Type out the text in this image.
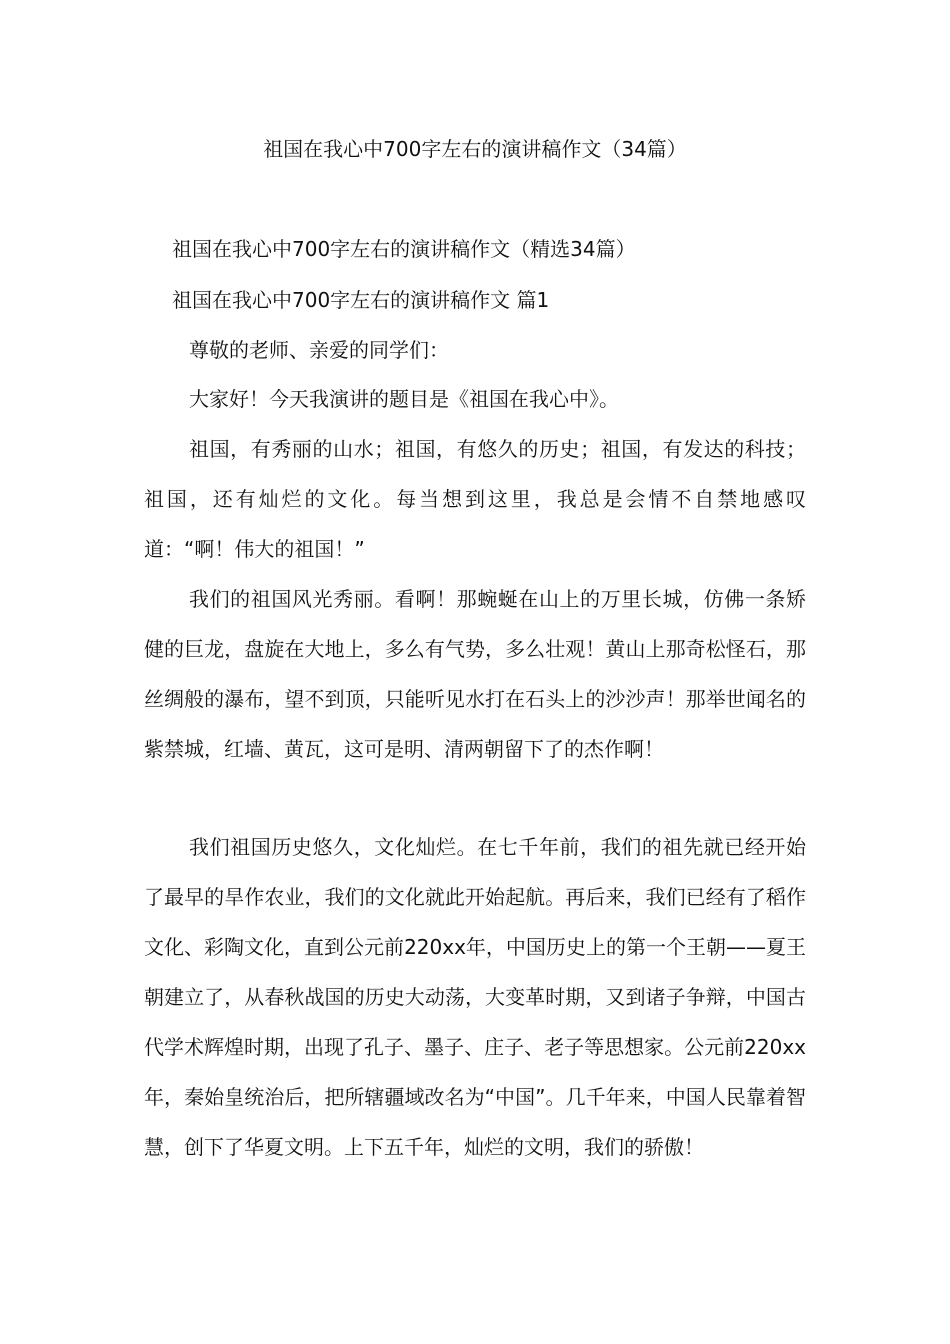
祖国在我心中700字左右的演讲稿作文（34篇）
祖国在我心中700字左右的演讲稿作文（精选34篇）
祖国在我心中700字左右的演讲稿作文 篇1
尊敬的老师、亲爱的同学们：
大家好！今天我演讲的题目是《祖国在我心中》。

祖国，有秀丽的山水；祖国，有悠久的历史；祖国，有发达的科技；祖国，还有灿烂的文化。每当想到这里，我总是会情不自禁地感叹道：“啊！伟大的祖国！”

我们的祖国风光秀丽。看啊！那蜿蜒在山上的万里长城，仿佛一条矫健的巨龙，盘旋在大地上，多么有气势，多么壮观！黄山上那奇松怪石，那丝绸般的瀑布，望不到顶，只能听见水打在石头上的沙沙声！那举世闻名的紫禁城，红墙、黄瓦，这可是明、清两朝留下了的杰作啊！

我们祖国历史悠久，文化灿烂。在七千年前，我们的祖先就已经开始了最早的旱作农业，我们的文化就此开始起航。再后来，我们已经有了稻作文化、彩陶文化，直到公元前220xx年，中国历史上的第一个王朝——夏王朝建立了，从春秋战国的历史大动荡，大变革时期，又到诸子争辩，中国古代学术辉煌时期，出现了孔子、墨子、庄子、老子等思想家。公元前220xx年，秦始皇统治后，把所辖疆域改名为“中国”。几千年来，中国人民靠着智慧，创下了华夏文明。上下五千年，灿烂的文明，我们的骄傲！
